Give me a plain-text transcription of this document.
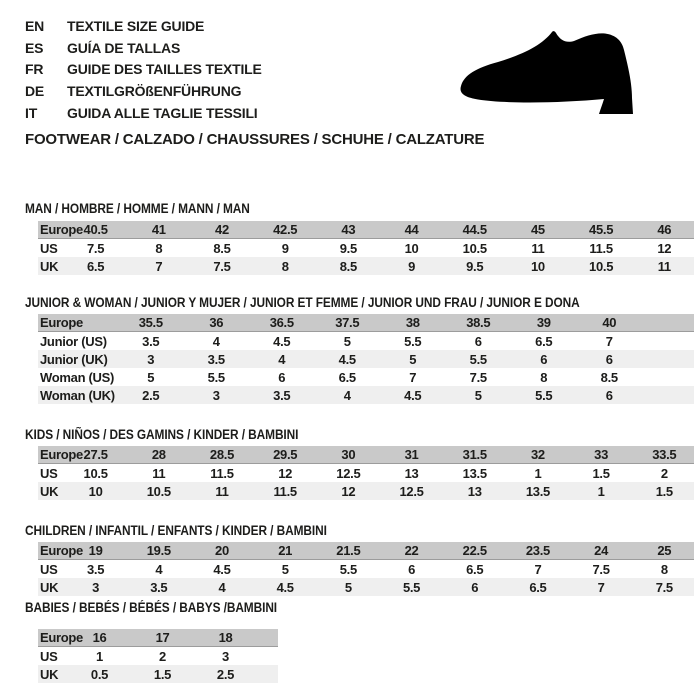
EN	TEXTILE SIZE GUIDE
ES	GUÍA DE TALLAS
FR	GUIDE DES TAILLES TEXTILE
DE	TEXTILGRÖßENFÜHRUNG
IT	GUIDA ALLE TAGLIE TESSILI
FOOTWEAR / CALZADO / CHAUSSURES / SCHUHE / CALZATURE
MAN / HOMBRE / HOMME / MANN / MAN
Europe 40.5	41	42	42.5	43	44	44.5	45	45.5	46
US	7.5	8	8.5	9	9.5	10	10.5	11	11.5	12
UK	6.5	7	7.5	8	8.5	9	9.5	10	10.5	11
JUNIOR & WOMAN / JUNIOR Y MUJER / JUNIOR ET FEMME / JUNIOR UND FRAU / JUNIOR E DONA
Europe	35.5	36	36.5	37.5	38	38.5	39	40
Junior (US)	3.5	4	4.5	5	5.5	6	6.5	7
Junior (UK)	3	3.5	4	4.5	5	5.5	6	6
Woman (US)	5	5.5	6	6.5	7	7.5	8	8.5
Woman (UK)	2.5	3	3.5	4	4.5	5	5.5	6
KIDS / NIÑOS / DES GAMINS / KINDER / BAMBINI
Europe 27.5	28	28.5	29.5	30	31	31.5	32	33	33.5
US	10.5	11	11.5	12	12.5	13	13.5	1	1.5	2
UK	10	10.5	11	11.5	12	12.5	13	13.5	1	1.5
CHILDREN / INFANTIL / ENFANTS / KINDER / BAMBINI
Europe 19	19.5	20	21	21.5	22	22.5	23.5	24	25
US	3.5	4	4.5	5	5.5	6	6.5	7	7.5	8
UK	3	3.5	4	4.5	5	5.5	6	6.5	7	7.5
BABIES / BEBÉS / BÉBÉS / BABYS /BAMBINI
Europe 16	17	18
US	1	2	3
UK	0.5	1.5	2.5
